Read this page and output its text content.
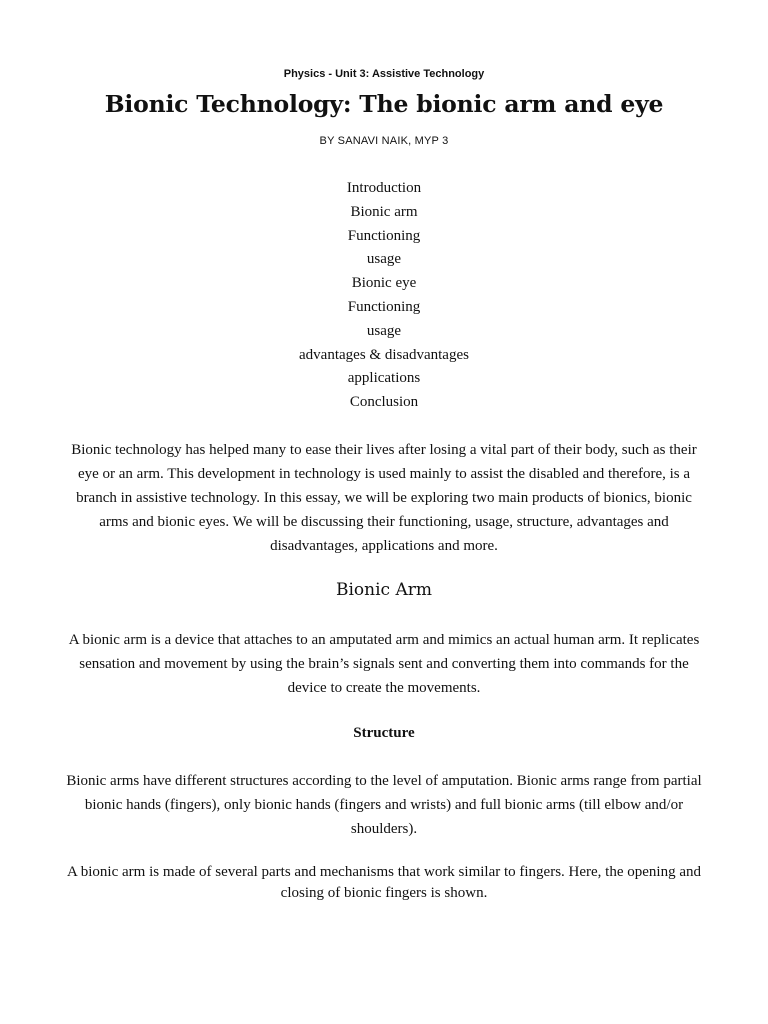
Physics - Unit 3: Assistive Technology
Bionic Technology: The bionic arm and eye
BY SANAVI NAIK, MYP 3
Introduction
Bionic arm
Functioning
usage
Bionic eye
Functioning
usage
advantages & disadvantages
applications
Conclusion

Bionic technology has helped many to ease their lives after losing a vital part of their body, such as their eye or an arm. This development in technology is used mainly to assist the disabled and therefore, is a branch in assistive technology. In this essay, we will be exploring two main products of bionics, bionic arms and bionic eyes. We will be discussing their functioning, usage, structure, advantages and disadvantages, applications and more.

Bionic Arm

A bionic arm is a device that attaches to an amputated arm and mimics an actual human arm. It replicates sensation and movement by using the brain’s signals sent and converting them into commands for the device to create the movements.

Structure

Bionic arms have different structures according to the level of amputation. Bionic arms range from partial bionic hands (fingers), only bionic hands (fingers and wrists) and full bionic arms (till elbow and/or shoulders).

A bionic arm is made of several parts and mechanisms that work similar to fingers. Here, the opening and closing of bionic fingers is shown.
